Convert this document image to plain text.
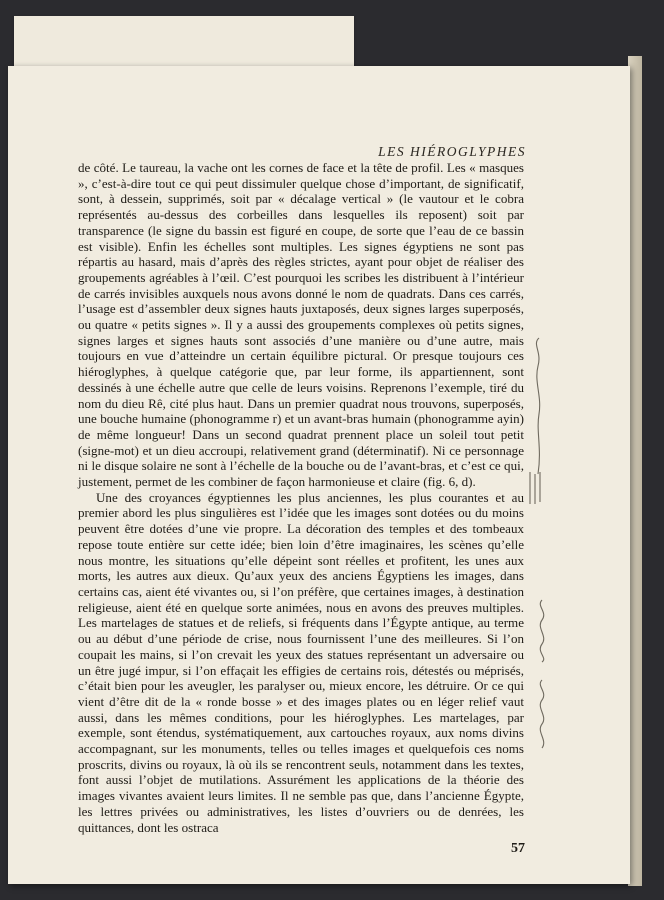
LES HIÉROGLYPHES

de côté. Le taureau, la vache ont les cornes de face et la tête de profil. Les « masques », c’est-à-dire tout ce qui peut dissimuler quelque chose d’important, de significatif, sont, à dessein, supprimés, soit par « décalage vertical » (le vautour et le cobra représentés au-dessus des corbeilles dans lesquelles ils reposent) soit par transparence (le signe du bassin est figuré en coupe, de sorte que l’eau de ce bassin est visible). Enfin les échelles sont multiples. Les signes égyptiens ne sont pas répartis au hasard, mais d’après des règles strictes, ayant pour objet de réaliser des groupements agréables à l’œil. C’est pourquoi les scribes les distribuent à l’intérieur de carrés invisibles auxquels nous avons donné le nom de quadrats. Dans ces carrés, l’usage est d’assembler deux signes hauts juxtaposés, deux signes larges superposés, ou quatre « petits signes ». Il y a aussi des groupements complexes où petits signes, signes larges et signes hauts sont associés d’une manière ou d’une autre, mais toujours en vue d’atteindre un certain équilibre pictural. Or presque toujours ces hiéroglyphes, à quelque catégorie que, par leur forme, ils appartiennent, sont dessinés à une échelle autre que celle de leurs voisins. Reprenons l’exemple, tiré du nom du dieu Rê, cité plus haut. Dans un premier quadrat nous trouvons, superposés, une bouche humaine (phonogramme r) et un avant-bras humain (phonogramme ayin) de même longueur! Dans un second quadrat prennent place un soleil tout petit (signe-mot) et un dieu accroupi, relativement grand (déterminatif). Ni ce personnage ni le disque solaire ne sont à l’échelle de la bouche ou de l’avant-bras, et c’est ce qui, justement, permet de les combiner de façon harmonieuse et claire (fig. 6, d).

Une des croyances égyptiennes les plus anciennes, les plus courantes et au premier abord les plus singulières est l’idée que les images sont dotées ou du moins peuvent être dotées d’une vie propre. La décoration des temples et des tombeaux repose toute entière sur cette idée; bien loin d’être imaginaires, les scènes qu’elle nous montre, les situations qu’elle dépeint sont réelles et profitent, les unes aux morts, les autres aux dieux. Qu’aux yeux des anciens Égyptiens les images, dans certains cas, aient été vivantes ou, si l’on préfère, que certaines images, à destination religieuse, aient été en quelque sorte animées, nous en avons des preuves multiples. Les martelages de statues et de reliefs, si fréquents dans l’Égypte antique, au terme ou au début d’une période de crise, nous fournissent l’une des meilleures. Si l’on coupait les mains, si l’on crevait les yeux des statues représentant un adversaire ou un être jugé impur, si l’on effaçait les effigies de certains rois, détestés ou méprisés, c’était bien pour les aveugler, les paralyser ou, mieux encore, les détruire. Or ce qui vient d’être dit de la « ronde bosse » et des images plates ou en léger relief vaut aussi, dans les mêmes conditions, pour les hiéroglyphes. Les martelages, par exemple, sont étendus, systématiquement, aux cartouches royaux, aux noms divins accompagnant, sur les monuments, telles ou telles images et quelquefois ces noms proscrits, divins ou royaux, là où ils se rencontrent seuls, notamment dans les textes, font aussi l’objet de mutilations. Assurément les applications de la théorie des images vivantes avaient leurs limites. Il ne semble pas que, dans l’ancienne Égypte, les lettres privées ou administratives, les listes d’ouvriers ou de denrées, les quittances, dont les ostraca

57
